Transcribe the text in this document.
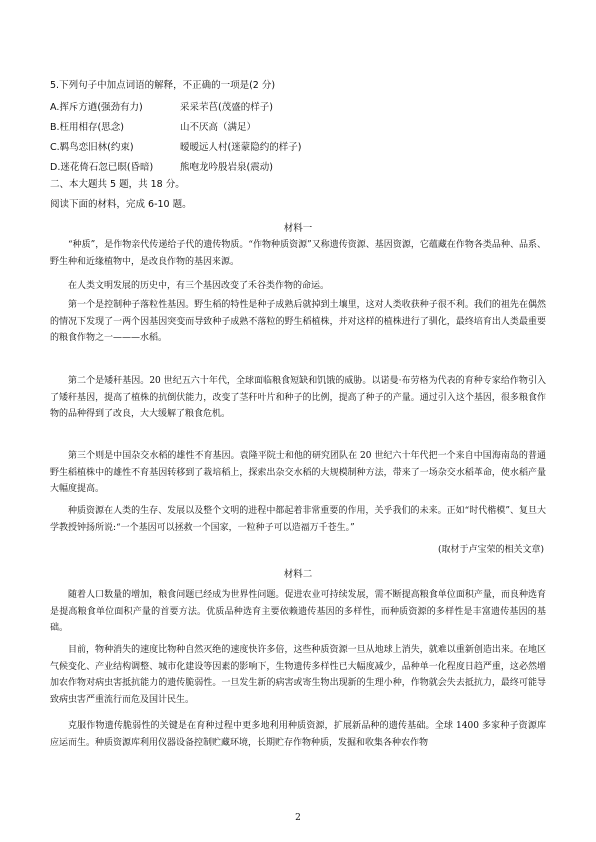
5.下列句子中加点词语的解释，不正确的一项是(2 分)
A.挥斥方遒(强劲有力)	采采芣苢(茂盛的样子)
B.枉用相存(思念)	山不厌高（满足）
C.羁鸟恋旧林(约束)	暧暧远人村(迷蒙隐约的样子)
D.迷花倚石忽已暝(昏暗)	熊咆龙吟殷岩泉(震动)
二、本大题共 5 题，共 18 分。
阅读下面的材料，完成 6-10 题。
材料一
“种质”，是作物亲代传递给子代的遗传物质。“作物种质资源”又称遗传资源、基因资源，它蕴藏在作物各类品种、品系、野生种和近缘植物中，是改良作物的基因来源。
在人类文明发展的历史中，有三个基因改变了禾谷类作物的命运。
第一个是控制种子落粒性基因。野生稻的特性是种子成熟后就掉到土壤里，这对人类收获种子很不利。我们的祖先在偶然的情况下发现了一两个因基因突变而导致种子成熟不落粒的野生稻植株，并对这样的植株进行了驯化，最终培育出人类最重要的粮食作物之一———水稻。
第二个是矮秆基因。20 世纪五六十年代，全球面临粮食短缺和饥饿的威胁。以诺曼·布劳格为代表的育种专家给作物引入了矮秆基因，提高了植株的抗倒伏能力，改变了茎秆叶片和种子的比例，提高了种子的产量。通过引入这个基因，很多粮食作物的品种得到了改良，大大缓解了粮食危机。
第三个则是中国杂交水稻的雄性不育基因。袁隆平院士和他的研究团队在 20 世纪六十年代把一个来自中国海南岛的普通野生稻植株中的雄性不育基因转移到了栽培稻上，探索出杂交水稻的大规模制种方法，带来了一场杂交水稻革命，使水稻产量大幅度提高。
种质资源在人类的生存、发展以及整个文明的进程中都起着非常重要的作用，关乎我们的未来。正如“时代楷模”、复旦大学教授钟扬所说:“一个基因可以拯救一个国家，一粒种子可以造福万千苍生。”
(取材于卢宝荣的相关文章)
材料二
随着人口数量的增加，粮食问题已经成为世界性问题。促进农业可持续发展，需不断提高粮食单位面积产量，而良种选育是提高粮食单位面积产量的首要方法。优质品种选育主要依赖遗传基因的多样性，而种质资源的多样性是丰富遗传基因的基础。
目前，物种消失的速度比物种自然灭绝的速度快许多倍，这些种质资源一旦从地球上消失，就难以重新创造出来。在地区气候变化、产业结构调整、城市化建设等因素的影响下，生物遗传多样性已大幅度减少，品种单一化程度日趋严重，这必然增加农作物对病虫害抵抗能力的遗传脆弱性。一旦发生新的病害或寄生物出现新的生理小种，作物就会失去抵抗力，最终可能导致病虫害严重流行而危及国计民生。
克服作物遗传脆弱性的关键是在育种过程中更多地利用种质资源，扩展新品种的遗传基础。全球 1400 多家种子资源库应运而生。种质资源库利用仪器设备控制贮藏环境，长期贮存作物种质，发掘和收集各种农作物
2
